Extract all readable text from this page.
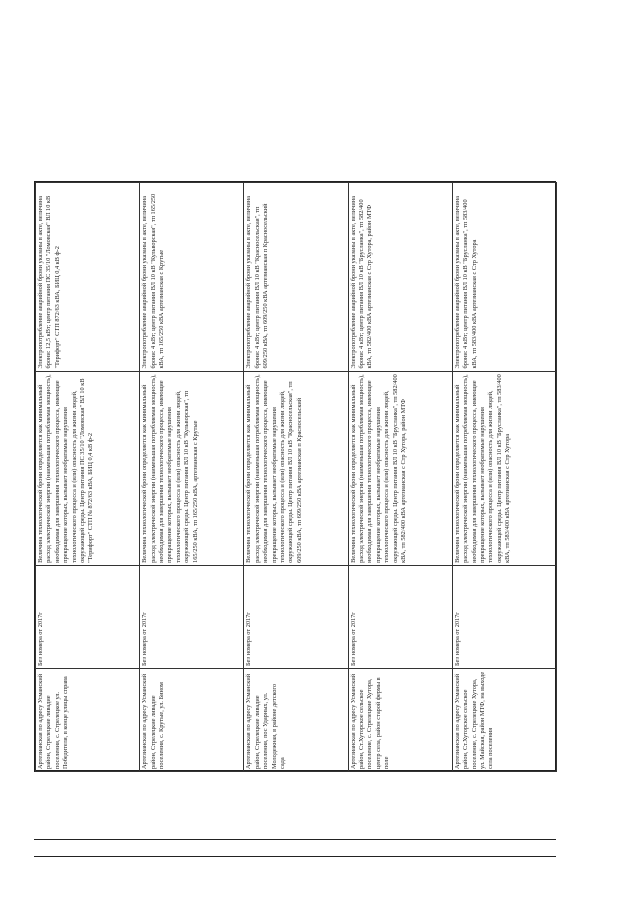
Артезианская по адресу Усманский район, Стрелецкие ливадие поселения, с. Стрелецкое ул. Победителя, в конце улицы справа	Без номера от 2017г	Величина технологической брони определяется как минимальный расход электрической энергии (наименьшая потребляемая мощность), необходимая для завершения технологического процесса, имеющие прекращение которых, вызывает необратимые нарушения технологического процесса и (или) опасность для жизни людей, окружающей среды. Центр питания ПС 35/10 "Ломовская" ВЛ 10 кВ "Терифорт" СТП № 872/63 кВА, БИЦ 0,4 кВ ф-2	Электропотребление аварийной брони указаны в акте, величина брони: 12,5 кВт; центр питания ПС 35/10 "Ломовская" ВЛ 10 кВ "Терифорт" СТП 872/63 кВА, БИЦ 0,4 кВ ф-2

Артезианская по адресу Усманский район, Стрелецкие ливадие поселения, с. Крутые, ул. Бином	Без номера от 2017г	Величина технологической брони определяется как минимальный расход электрической энергии (наименьшая потребляемая мощность), необходимая для завершения технологического процесса, имеющие прекращение которых, вызывает необратимые нарушения технологического процесса и (или) опасность для жизни людей, окружающей среды. Центр питания ВЛ 10 кВ "Кульворская", тп 165/250 кВА, тп 165/250 кВА, артезианская с Крутые	Электропотребление аварийной брони указаны в акте, величина брони: 4 кВт; центр питания ВЛ 10 кВ "Кульворская", тп 165/250 кВА, тп 165/250 кВА артезианская с Крутые

Артезианская по адресу Усманский район, Стрелецкие ливадие поселения, пос Ударных, ул. Молодежная, в районе детского сада	Без номера от 2017г	Величина технологической брони определяется как минимальный расход электрической энергии (наименьшая потребляемая мощность), необходимая для завершения технологического процесса, имеющие прекращение которых, вызывает необратимые нарушения технологического процесса и (или) опасность для жизни людей, окружающей среды. Центр питания ВЛ 10 кВ "Красносельская", тп 609/250 кВА, тп 609/250 кВА артезианская п Красносельский	Электропотребление аварийной брони указаны в акте, величина брони: 4 кВт; центр питания ВЛ 10 кВ "Красносельская", тп 609/250 кВА, тп 609/250 кВА артезианская п Красносельский

Артезианская по адресу Усманский район, Ст.Хуторское сельское поселение, с. Стрелецкие Хутора, центр села, район старой фермы в поле	Без номера от 2017г	Величина технологической брони определяется как минимальный расход электрической энергии (наименьшая потребляемая мощность), необходимая для завершения технологического процесса, имеющие прекращение которых, вызывает необратимые нарушения технологического процесса и (или) опасность для жизни людей, окружающей среды. Центр питания ВЛ 10 кВ "Брусланка", тп 582/400 кВА, тп 582/400 кВА артезианская с Стр Хутора, район МТФ	Электропотребление аварийной брони указаны в акте, величина брони: 4 кВт; центр питания ВЛ 10 кВ "Брусланка", тп 582/400 кВА, тп 582/400 кВА артезианская с Стр Хутора, район МТФ

Артезианская по адресу Усманский район, Ст.Хуторское сельское поселение, с. Стрелецкие Хутора, ул. Майская, район МТФ, на выходе села поселения	Без номера от 2017г	Величина технологической брони определяется как минимальный расход электрической энергии (наименьшая потребляемая мощность), необходимая для завершения технологического процесса, имеющие прекращение которых, вызывает необратимые нарушения технологического процесса и (или) опасность для жизни людей, окружающей среды. Центр питания ВЛ 10 кВ "Брусланка", тп 583/400 кВА, тп 583/400 кВА артезианская с Стр Хутора	Электропотребление аварийной брони указаны в акте, величина брони: 4 кВт; центр питания ВЛ 10 кВ "Брусланка", тп 583/400 кВА, тп 583/400 кВА артезианская с Стр Хутора
